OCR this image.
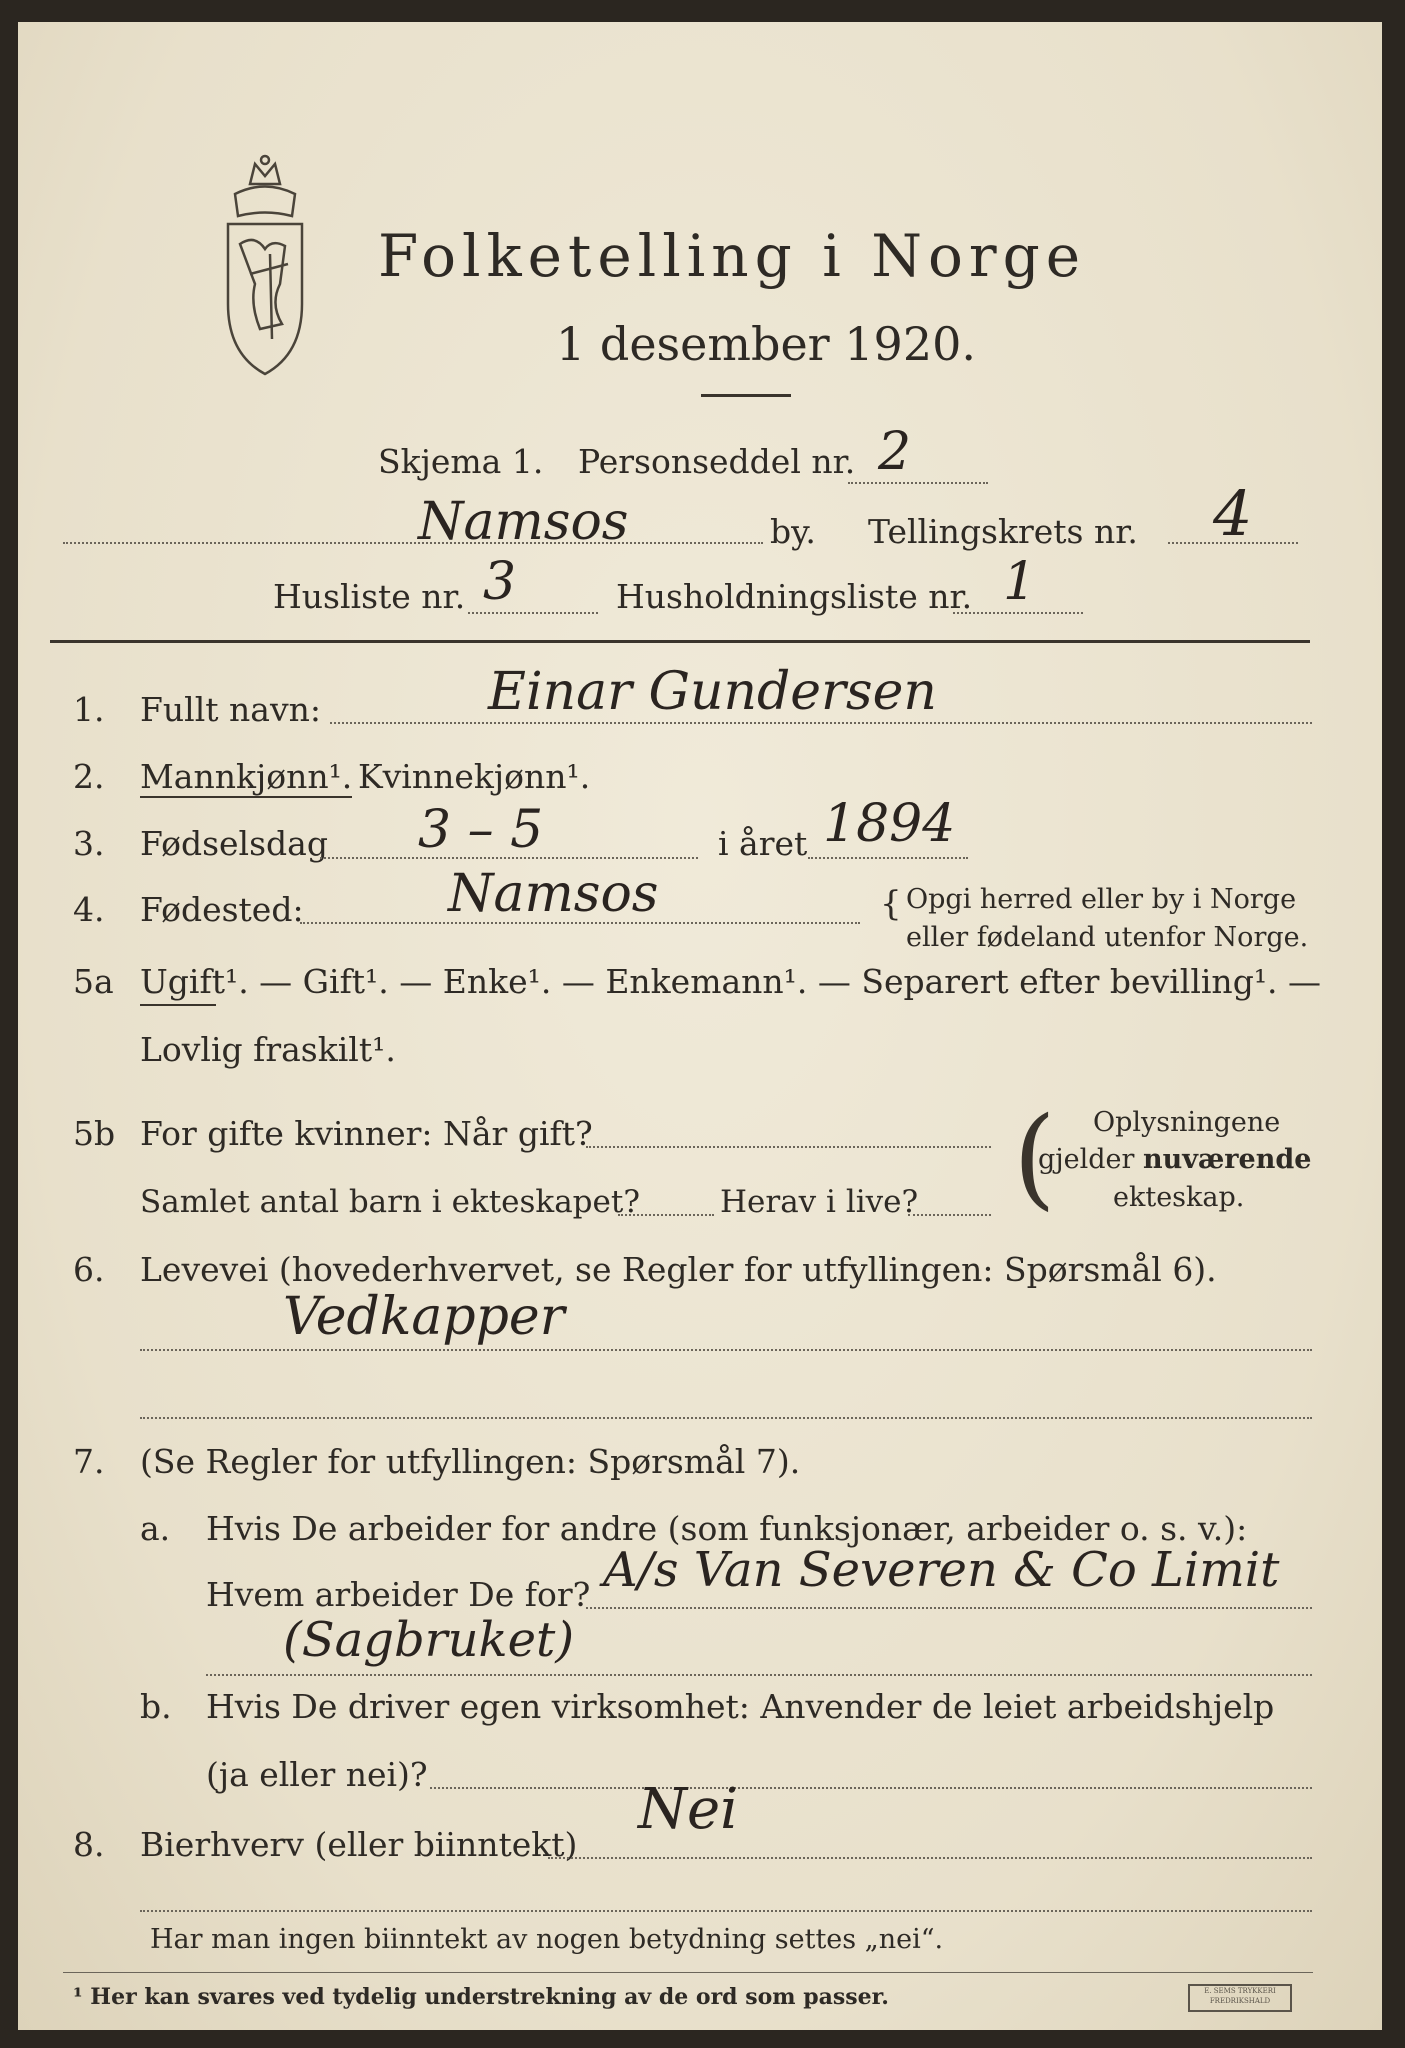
Folketelling i Norge
1 desember 1920.
Skjema 1. Personseddel nr. 2
Namsos	by. Tellingskrets nr. 4
Husliste nr. 3	Husholdningsliste nr. 1
1. Fullt navn:	Einar Gundersen
2. Mannkjønn¹. Kvinnekjønn¹.
3. Fødselsdag 3 – 5	i året 1894
4. Fødested:	Namsos	{ Opgi herred eller by i Norge
eller fødeland utenfor Norge.
5a Ugift¹. — Gift¹. — Enke¹. — Enkemann¹. — Separert efter bevilling¹. —
Lovlig fraskilt¹.
5b For gifte kvinner: Når gift?
Samlet antal barn i ekteskapet?	Herav i live? ( Oplysningene
gjelder nuværende
ekteskap.
6. Levevei (hovederhvervet, se Regler for utfyllingen: Spørsmål 6).
Vedkapper
7. (Se Regler for utfyllingen: Spørsmål 7).
a. Hvis De arbeider for andre (som funksjonær, arbeider o. s. v.):
Hvem arbeider De for? A/s Van Severen & Co Limit
(Sagbruket)
b. Hvis De driver egen virksomhet: Anvender de leiet arbeidshjelp
(ja eller nei)?
8. Bierhverv (eller biinntekt)
Nei
Har man ingen biinntekt av nogen betydning settes „nei“.
¹ Her kan svares ved tydelig understrekning av de ord som passer.	E. SEMS TRYKKERI FREDRIKSHALD
